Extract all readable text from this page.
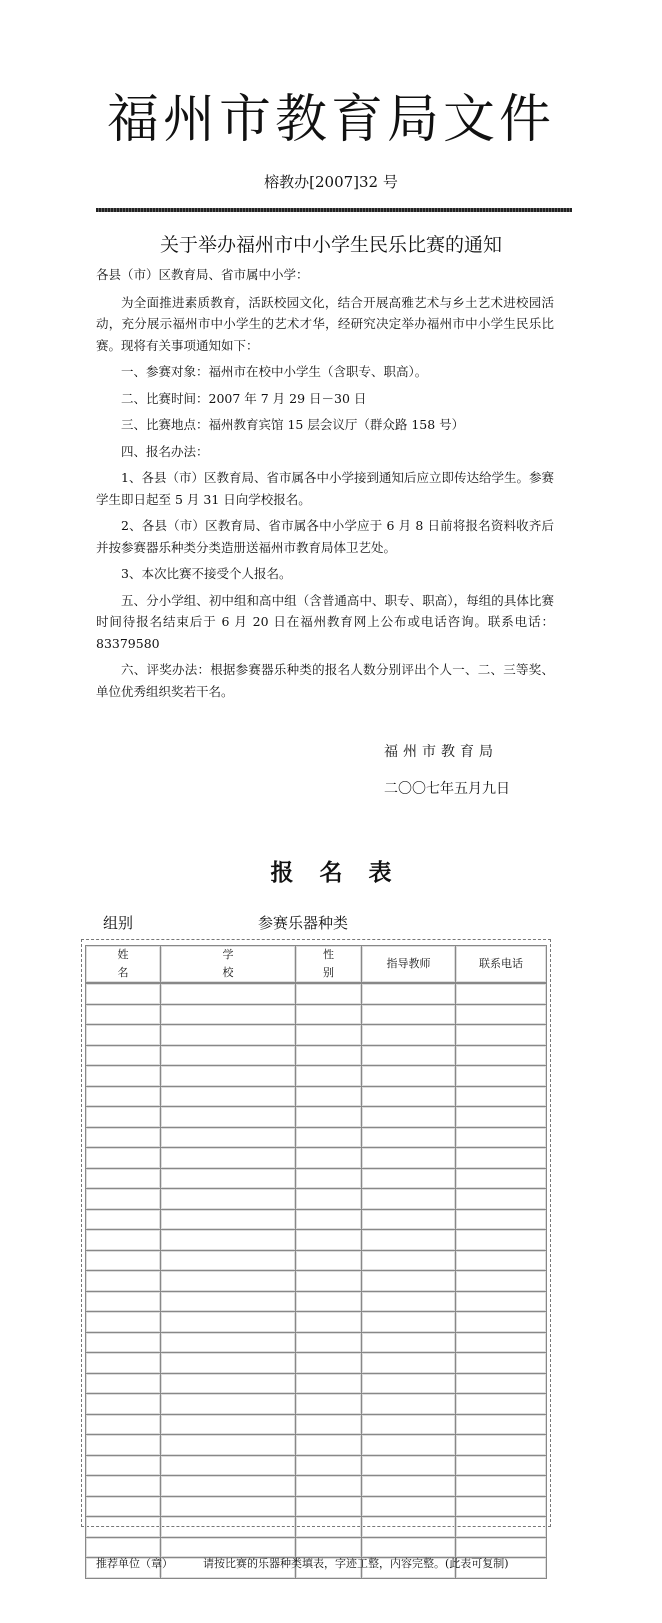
福州市教育局文件
榕教办[2007]32 号
关于举办福州市中小学生民乐比赛的通知

各县（市）区教育局、省市属中小学：

为全面推进素质教育，活跃校园文化，结合开展高雅艺术与乡土艺术进校园活动，充分展示福州市中小学生的艺术才华，经研究决定举办福州市中小学生民乐比赛。现将有关事项通知如下：

一、参赛对象：福州市在校中小学生（含职专、职高）。

二、比赛时间：2007 年 7 月 29 日－30 日

三、比赛地点：福州教育宾馆 15 层会议厅（群众路 158 号）

四、报名办法：

1、各县（市）区教育局、省市属各中小学接到通知后应立即传达给学生。参赛学生即日起至 5 月 31 日向学校报名。

2、各县（市）区教育局、省市属各中小学应于 6 月 8 日前将报名资料收齐后并按参赛器乐种类分类造册送福州市教育局体卫艺处。

3、本次比赛不接受个人报名。

五、分小学组、初中组和高中组（含普通高中、职专、职高），每组的具体比赛时间待报名结束后于 6 月 20 日在福州教育网上公布或电话咨询。联系电话：83379580

六、评奖办法：根据参赛器乐种类的报名人数分别评出个人一、二、三等奖、单位优秀组织奖若干名。

福州市教育局
二〇〇七年五月九日
报名表
组别	参赛乐器种类
姓名	学校	性别	指导教师	联系电话

推荐单位（章）	请按比赛的乐器种类填表，字迹工整，内容完整。(此表可复制)
